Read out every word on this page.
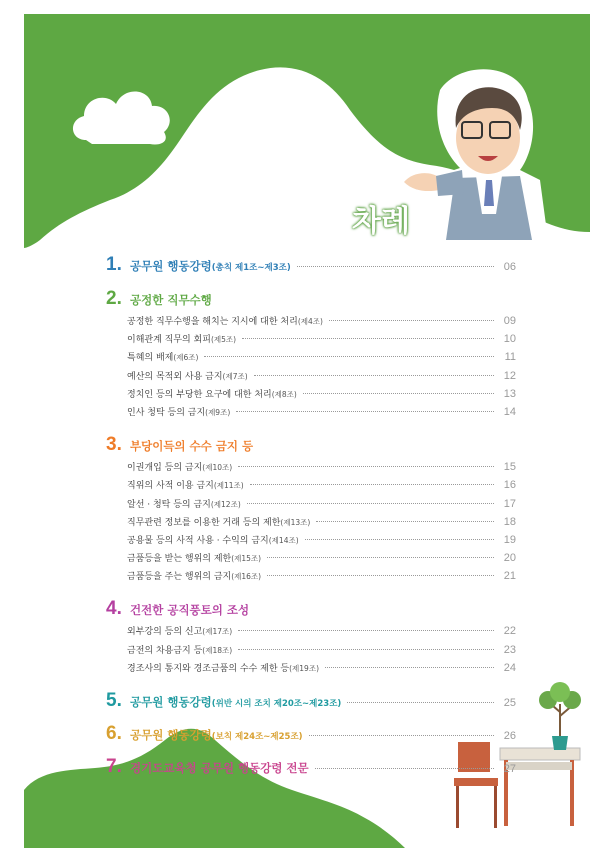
차례
1. 공무원 행동강령 (총칙 제1조~제3조)	06
2. 공정한 직무수행
공정한 직무수행을 해치는 지시에 대한 처리 (제4조)	09
이해관계 직무의 회피 (제5조)	10
특혜의 배제 (제6조)	11
예산의 목적외 사용 금지 (제7조)	12
정치인 등의 부당한 요구에 대한 처리 (제8조)	13
인사 청탁 등의 금지 (제9조)	14
3. 부당이득의 수수 금지 등
이권개입 등의 금지 (제10조)	15
직위의 사적 이용 금지 (제11조)	16
알선 · 청탁 등의 금지 (제12조)	17
직무관련 정보를 이용한 거래 등의 제한 (제13조)	18
공용물 등의 사적 사용 · 수익의 금지 (제14조)	19
금품등을 받는 행위의 제한 (제15조)	20
금품등을 주는 행위의 금지 (제16조)	21
4. 건전한 공직풍토의 조성
외부강의 등의 신고 (제17조)	22
금전의 차용금지 등 (제18조)	23
경조사의 통지와 경조금품의 수수 제한 등 (제19조)	24
5. 공무원 행동강령 (위반 시의 조치 제20조~제23조)	25
6. 공무원 행동강령 (보칙 제24조~제25조)	26
7. 경기도교육청 공무원 행동강령 전문	27
